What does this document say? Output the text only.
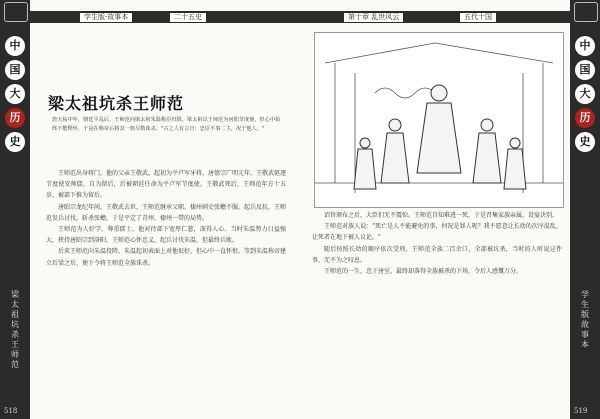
中
国
大
历
史
梁太祖坑杀王师范
518
学生版·故事本	二十五史
梁太祖坑杀王师范
唐天祐中年，朝廷平乱后，王师范向梁太祖朱温称臣归降。梁太祖以王师范为河阳节度使，但心中始终不能释怀，于是在称帝后将其一族尽数诛杀。"古之人有言曰：忠臣不事二主，况于他人。"

王师范出身将门，他的父亲王敬武，起初为平卢军牙将，唐僖宗广明元年，王敬武驱逐节度使安师儒，自为留后，后被朝廷任命为平卢军节度使。王敬武死后，王师范年方十五岁，被部下推为留后。

唐昭宗龙纪年间，王敬武去世，王师范继承父职。棣州刺史张蟾不服，起兵反抗，王师范发兵讨伐，斩杀张蟾，于是平定了青州、棣州一带的局势。

王师范为人好学，尊重儒士，他对待部下宽厚仁慈，深得人心。当时朱温势力日益强大，挟持唐昭宗到洛阳，王师范心怀忠义，起兵讨伐朱温，但最终兵败。

后来王师范向朱温投降，朱温起初表面上对他很好，但心中一直怀恨。等到朱温称帝建立后梁之后，便下令将王师范全族诛杀。

中
国
大
历
史
学生版故事本
519
第十章 乱世风云	五代十国

诏旨颁布之后，大臣们无不震惊。王师范自知难逃一死，于是召集家族亲属，设宴诀别。

王师范对族人说："死亡是人不能避免的事，何况是罪人呢？我不愿意让长幼的次序混乱，让死者在地下被人议论。"

随后按照长幼的顺序依次受刑，王师范全族二百余口，全部被坑杀，当时的人听说这件事，无不为之叹息。

王师范的一生，忠于唐室，最终却落得全族被杀的下场，令后人感慨万分。
